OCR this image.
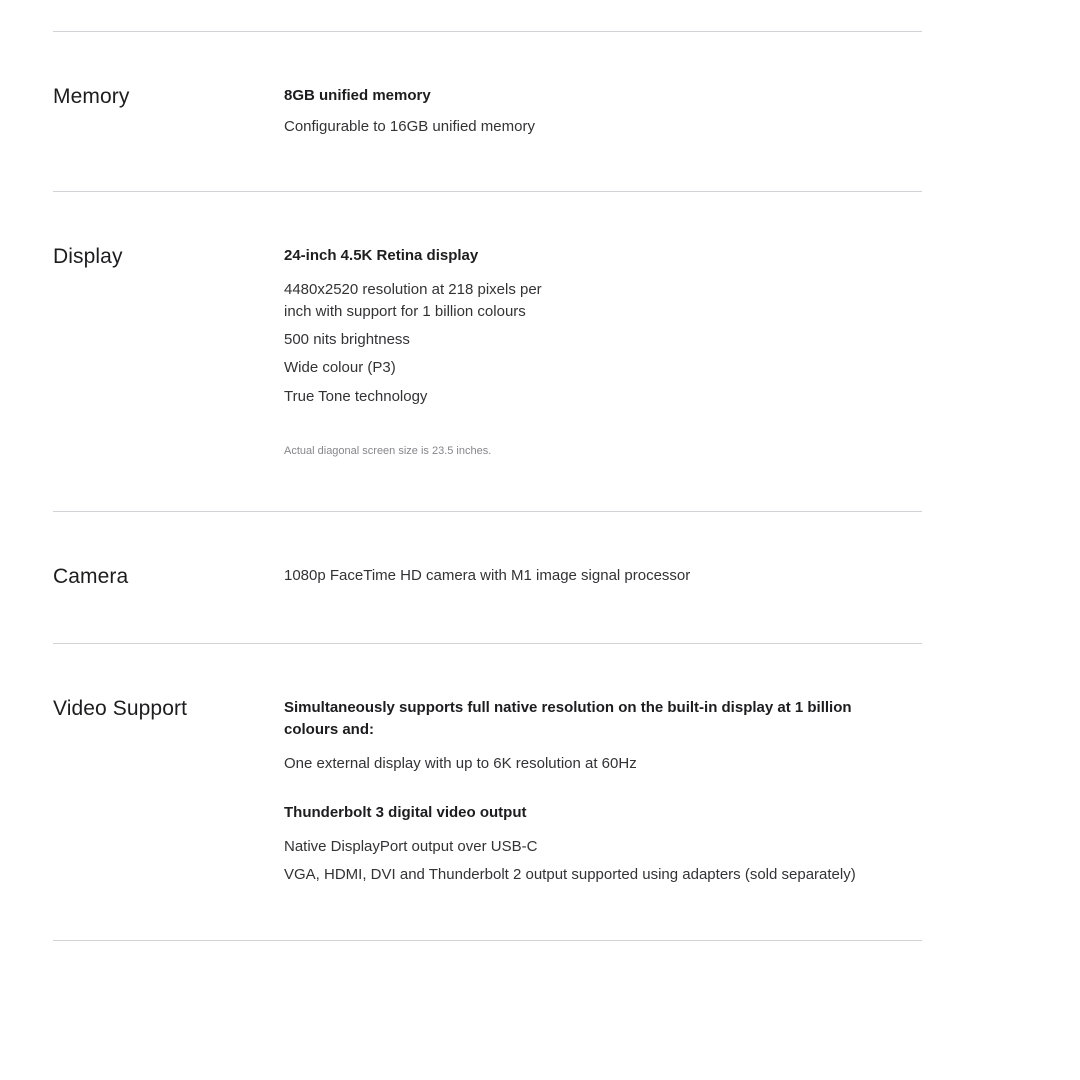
Memory	8GB unified memory
Configurable to 16GB unified memory
Display	24-inch 4.5K Retina display
4480x2520 resolution at 218 pixels per inch with support for 1 billion colours
500 nits brightness
Wide colour (P3)
True Tone technology
Actual diagonal screen size is 23.5 inches.
Camera	1080p FaceTime HD camera with M1 image signal processor
Video Support	Simultaneously supports full native resolution on the built-in display at 1 billion colours and:
One external display with up to 6K resolution at 60Hz
Thunderbolt 3 digital video output
Native DisplayPort output over USB-C
VGA, HDMI, DVI and Thunderbolt 2 output supported using adapters (sold separately)
